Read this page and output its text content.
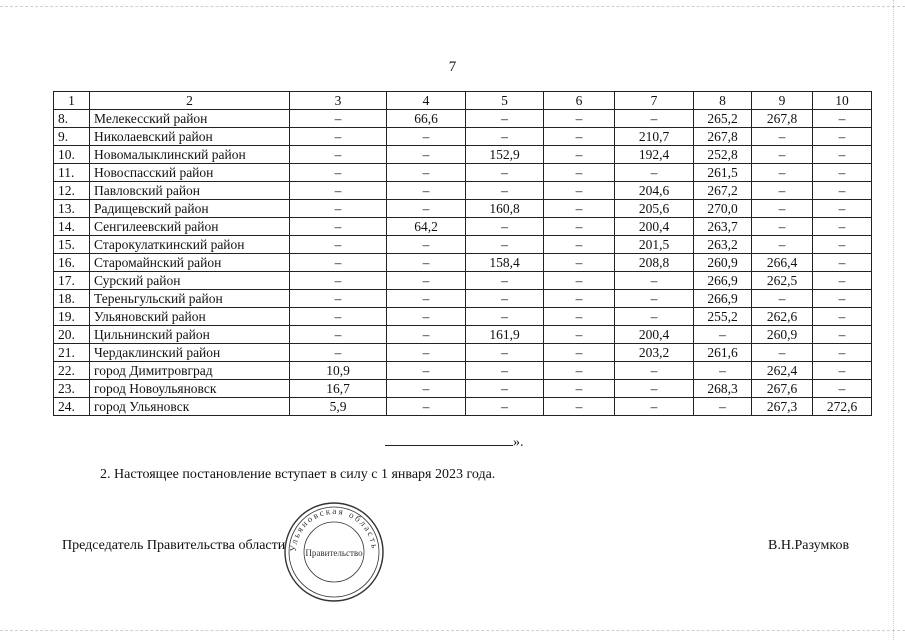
7
1	2	3	4	5	6	7	8	9	10
8.	Мелекесский район	–	66,6	–	–	–	265,2	267,8	–
9.	Николаевский район	–	–	–	–	210,7	267,8	–	–
10.	Новомалыклинский район	–	–	152,9	–	192,4	252,8	–	–
11.	Новоспасский район	–	–	–	–	–	261,5	–	–
12.	Павловский район	–	–	–	–	204,6	267,2	–	–
13.	Радищевский район	–	–	160,8	–	205,6	270,0	–	–
14.	Сенгилеевский район	–	64,2	–	–	200,4	263,7	–	–
15.	Старокулаткинский район	–	–	–	–	201,5	263,2	–	–
16.	Старомайнский район	–	–	158,4	–	208,8	260,9	266,4	–
17.	Сурский район	–	–	–	–	–	266,9	262,5	–
18.	Тереньгульский район	–	–	–	–	–	266,9	–	–
19.	Ульяновский район	–	–	–	–	–	255,2	262,6	–
20.	Цильнинский район	–	–	161,9	–	200,4	–	260,9	–
21.	Чердаклинский район	–	–	–	–	203,2	261,6	–	–
22.	город Димитровград	10,9	–	–	–	–	–	262,4	–
23.	город Новоульяновск	16,7	–	–	–	–	268,3	267,6	–
24.	город Ульяновск	5,9	–	–	–	–	–	267,3	272,6
».
2. Настоящее постановление вступает в силу с 1 января 2023 года.
Председатель Правительства области	В.Н.Разумков
Ульяновская область
Правительство
